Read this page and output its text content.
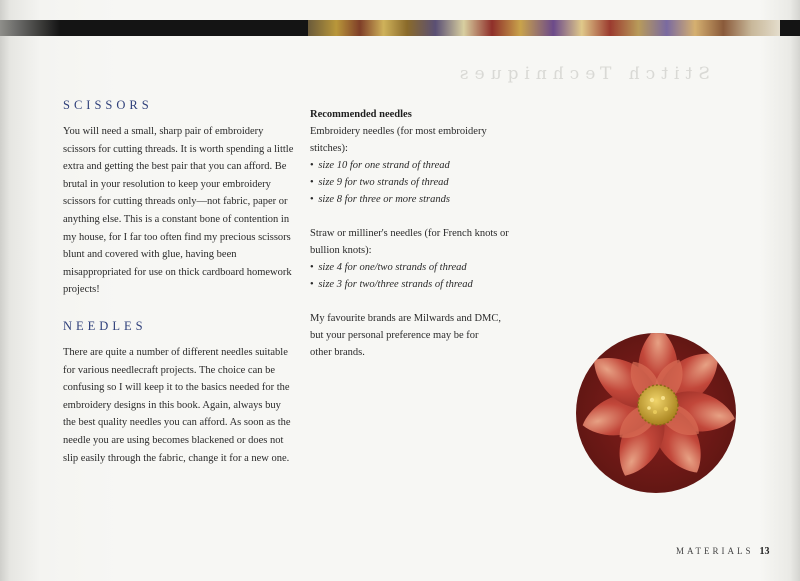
Stitch Techniques
SCISSORS

You will need a small, sharp pair of embroidery scissors for cutting threads. It is worth spending a little extra and getting the best pair that you can afford. Be brutal in your resolution to keep your embroidery scissors for cutting threads only—not fabric, paper or anything else. This is a constant bone of contention in my house, for I far too often find my precious scissors blunt and covered with glue, having been misappropriated for use on thick cardboard homework projects!

NEEDLES

There are quite a number of different needles suitable for various needlecraft projects. The choice can be confusing so I will keep it to the basics needed for the embroidery designs in this book. Again, always buy the best quality needles you can afford. As soon as the needle you are using becomes blackened or does not slip easily through the fabric, change it for a new one.

Recommended needles
Embroidery needles (for most embroidery
stitches):
• size 10 for one strand of thread
• size 9 for two strands of thread
• size 8 for three or more strands
Straw or milliner's needles (for French knots or
bullion knots):
• size 4 for one/two strands of thread
• size 3 for two/three strands of thread
My favourite brands are Milwards and DMC,
but your personal preference may be for
other brands.
MATERIALS 13
